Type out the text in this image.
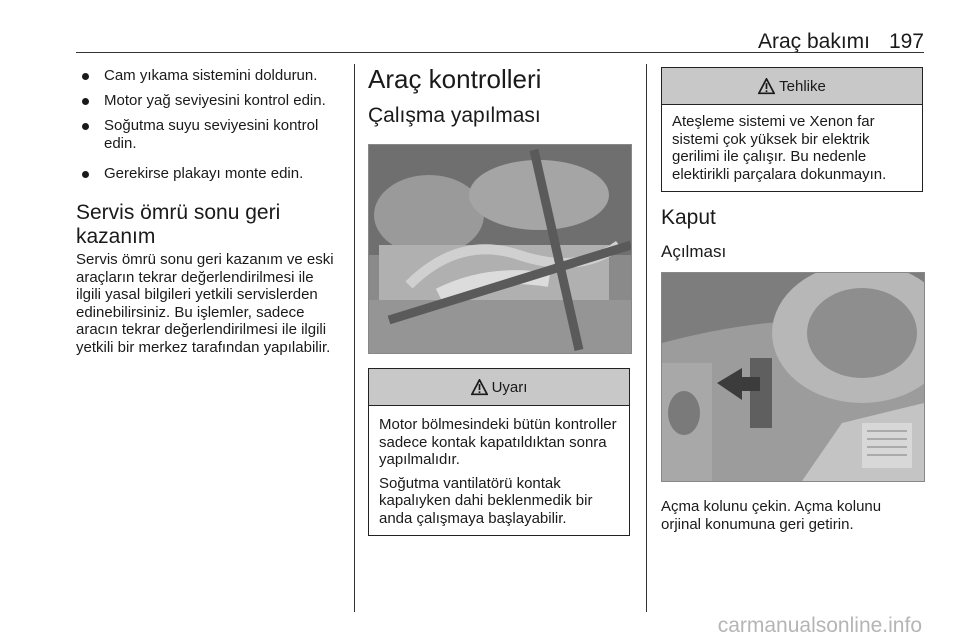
Araç bakımı 197
Cam yıkama sistemini doldurun.
Motor yağ seviyesini kontrol edin.
Soğutma suyu seviyesini kontrol edin.
Gerekirse plakayı monte edin.
Servis ömrü sonu geri kazanım

Servis ömrü sonu geri kazanım ve eski araçların tekrar değerlendirilmesi ile ilgili yasal bilgileri yetkili servislerden edinebilirsiniz. Bu işlemler, sadece aracın tekrar değerlendirilmesi ile ilgili yetkili bir merkez tarafından yapılabilir.

Araç kontrolleri
Çalışma yapılması
Uyarı

Motor bölmesindeki bütün kontroller sadece kontak kapatıldıktan sonra yapılmalıdır.

Soğutma vantilatörü kontak kapalıyken dahi beklenmedik bir anda çalışmaya başlayabilir.

Tehlike

Ateşleme sistemi ve Xenon far sistemi çok yüksek bir elektrik gerilimi ile çalışır. Bu nedenle elektirikli parçalara dokunmayın.

Kaput
Açılması

Açma kolunu çekin. Açma kolunu orjinal konumuna geri getirin.

carmanualsonline.info
